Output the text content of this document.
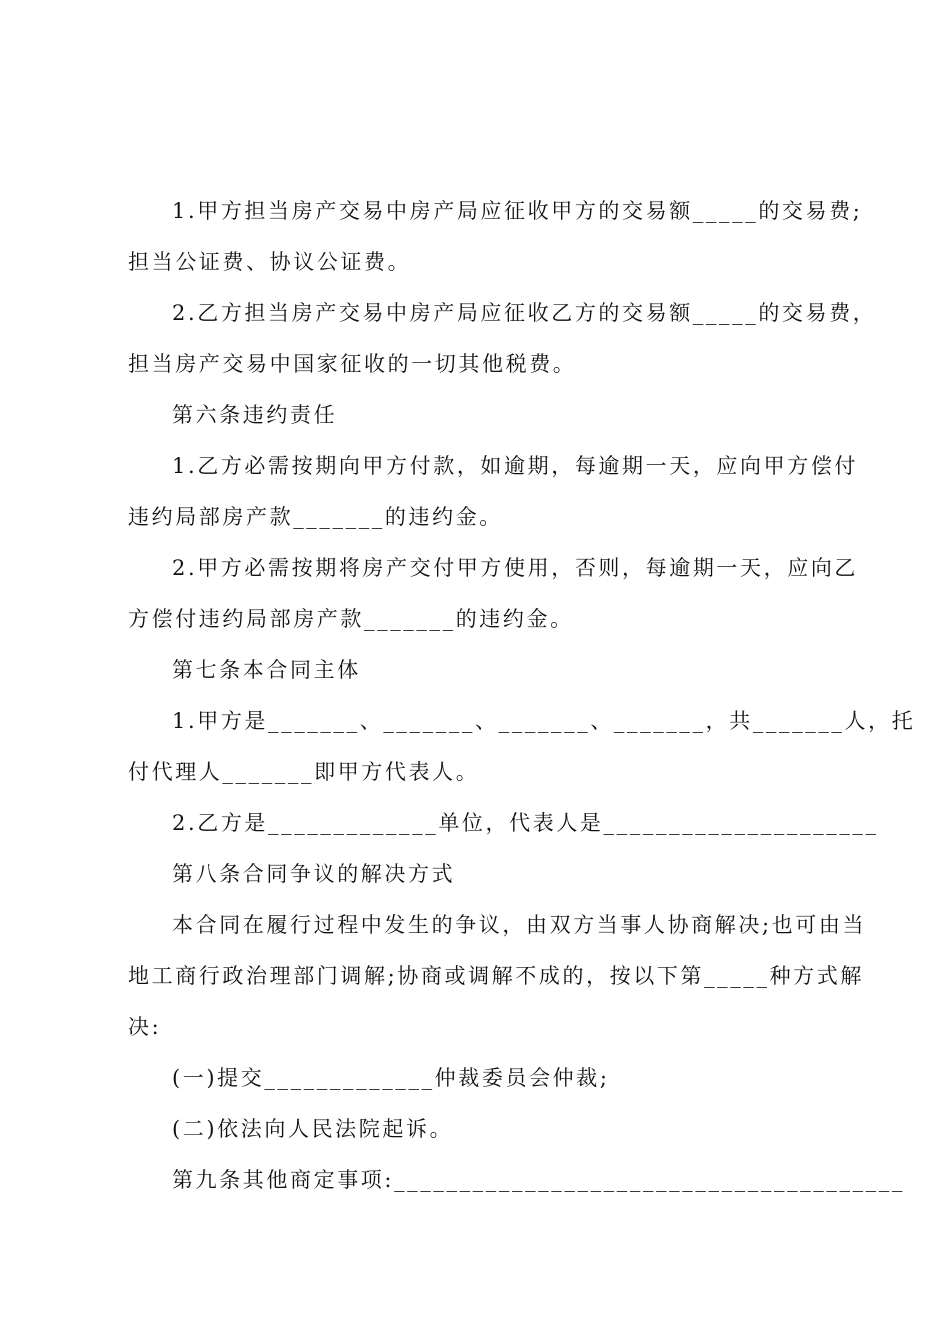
1.甲方担当房产交易中房产局应征收甲方的交易额_____的交易费;
担当公证费、协议公证费。
2.乙方担当房产交易中房产局应征收乙方的交易额_____的交易费，
担当房产交易中国家征收的一切其他税费。
第六条违约责任
1.乙方必需按期向甲方付款，如逾期，每逾期一天，应向甲方偿付
违约局部房产款_______的违约金。
2.甲方必需按期将房产交付甲方使用，否则，每逾期一天，应向乙
方偿付违约局部房产款_______的违约金。
第七条本合同主体
1.甲方是_______、_______、_______、_______，共_______人，托
付代理人_______即甲方代表人。
2.乙方是_____________单位，代表人是_____________________
第八条合同争议的解决方式
本合同在履行过程中发生的争议，由双方当事人协商解决;也可由当
地工商行政治理部门调解;协商或调解不成的，按以下第_____种方式解
决:
(一)提交_____________仲裁委员会仲裁;
(二)依法向人民法院起诉。
第九条其他商定事项:_______________________________________
